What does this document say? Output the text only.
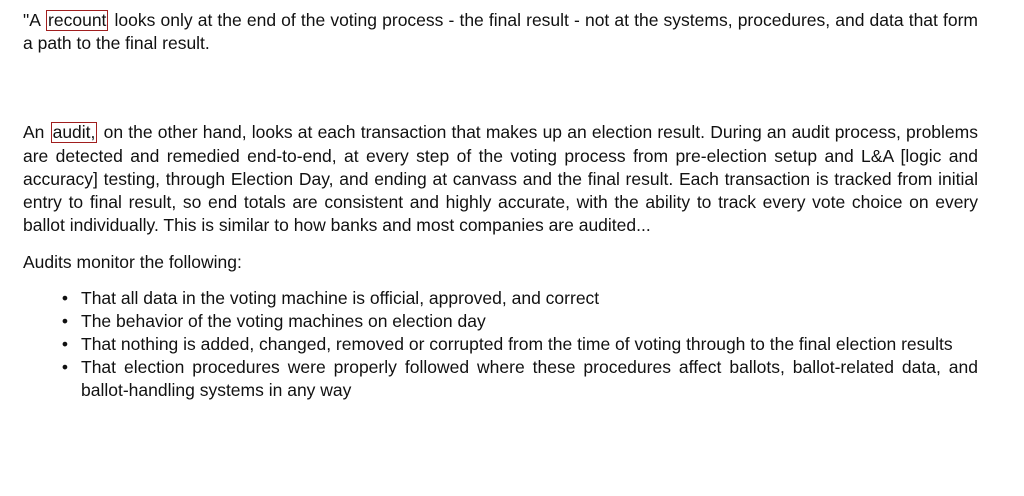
"A recount looks only at the end of the voting process - the final result - not at the systems, procedures, and data that form a path to the final result.

An audit, on the other hand, looks at each transaction that makes up an election result. During an audit process, problems are detected and remedied end-to-end, at every step of the voting process from pre-election setup and L&A [logic and accuracy] testing, through Election Day, and ending at canvass and the final result. Each transaction is tracked from initial entry to final result, so end totals are consistent and highly accurate, with the ability to track every vote choice on every ballot individually. This is similar to how banks and most companies are audited...

Audits monitor the following:

• That all data in the voting machine is official, approved, and correct
• The behavior of the voting machines on election day
• That nothing is added, changed, removed or corrupted from the time of voting through to the final election results
• That election procedures were properly followed where these procedures affect ballots, ballot-related data, and ballot-handling systems in any way
